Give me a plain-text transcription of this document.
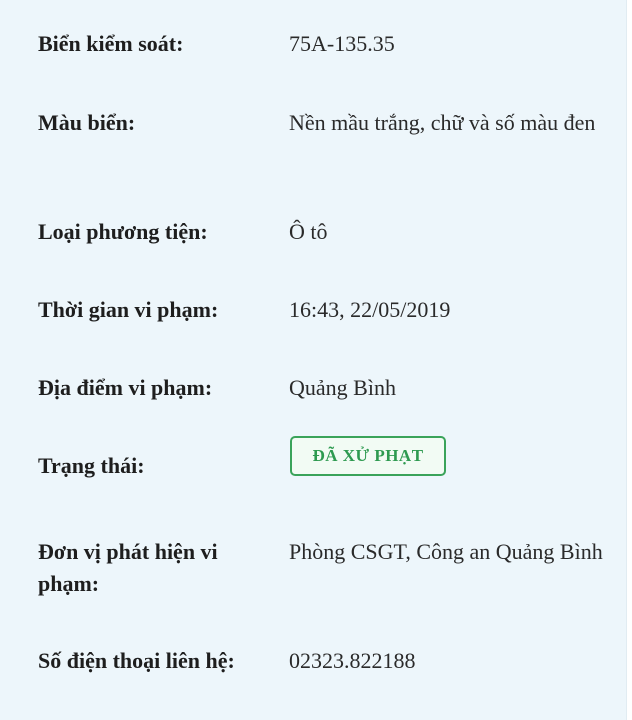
Biển kiểm soát:	75A-135.35
Màu biển:	Nền mầu trắng, chữ và số màu đen
Loại phương tiện:	Ô tô
Thời gian vi phạm:	16:43, 22/05/2019
Địa điểm vi phạm:	Quảng Bình
Trạng thái:	ĐÃ XỬ PHẠT
Đơn vị phát hiện vi phạm:
Phòng CSGT, Công an Quảng Bình
Số điện thoại liên hệ:	02323.822188
